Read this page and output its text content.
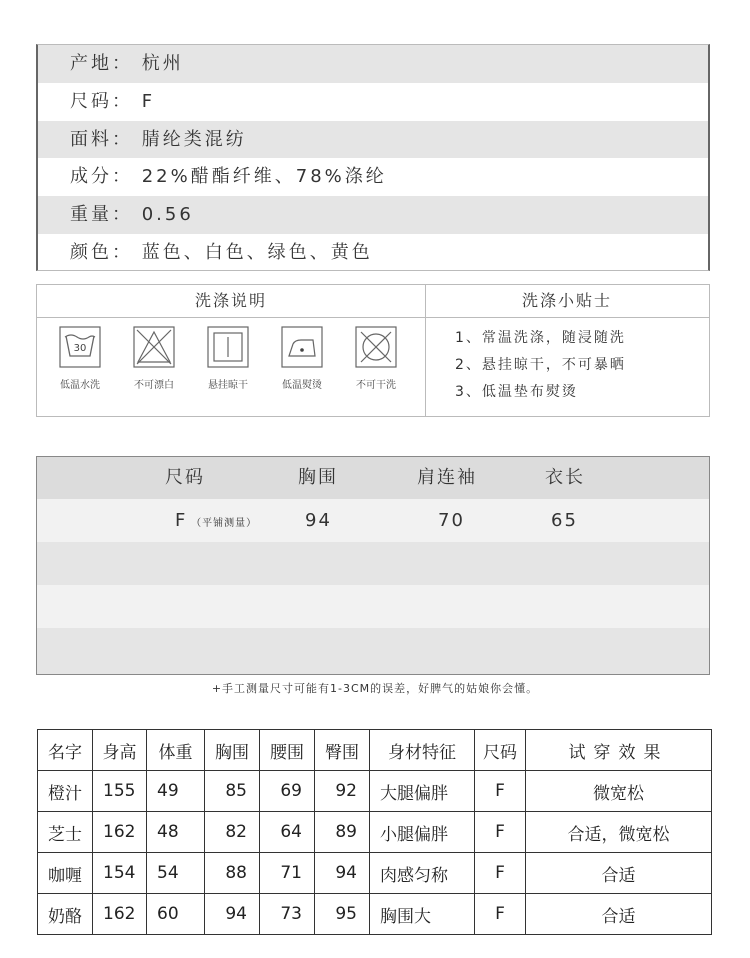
产地： 杭州
尺码： F
面料： 腈纶类混纺
成分： 22%醋酯纤维、78%涤纶
重量： 0.56
颜色： 蓝色、白色、绿色、黄色
洗涤说明	洗涤小贴士
30
低温水洗	不可漂白	悬挂晾干	低温熨烫	不可干洗
1、常温洗涤，随浸随洗
2、悬挂晾干，不可暴晒
3、低温垫布熨烫
尺码	胸围	肩连袖	衣长
F （平铺测量）	94	70	65
+手工测量尺寸可能有1-3CM的误差，好脾气的姑娘你会懂。
名字	身高	体重	胸围	腰围	臀围	身材特征	尺码	试穿效果
橙汁	155	49	85	69	92	大腿偏胖	F	微宽松
芝士	162	48	82	64	89	小腿偏胖	F	合适，微宽松
咖喱	154	54	88	71	94	肉感匀称	F	合适
奶酪	162	60	94	73	95	胸围大	F	合适
